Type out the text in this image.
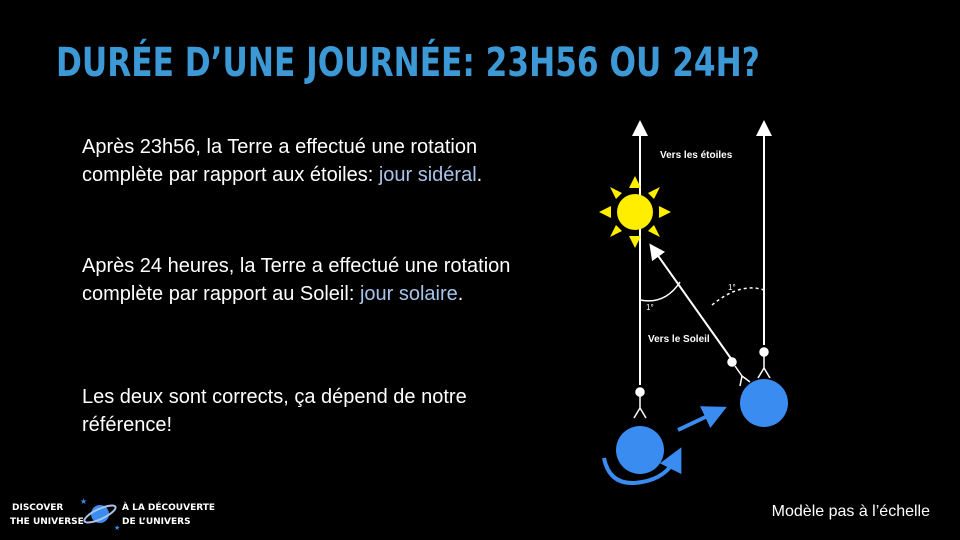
DURÉE D’UNE JOURNÉE: 23H56 OU 24H?

Après 23h56, la Terre a effectué une rotation complète par rapport aux étoiles: jour sidéral.

Après 24 heures, la Terre a effectué une rotation complète par rapport au Soleil: jour solaire.

Les deux sont corrects, ça dépend de notre référence!

Vers les étoiles
Vers le Soleil
1°
1°
Modèle pas à l’échelle
DISCOVER
THE UNIVERSE
★
★
À LA DÉCOUVERTE
DE L’UNIVERS
